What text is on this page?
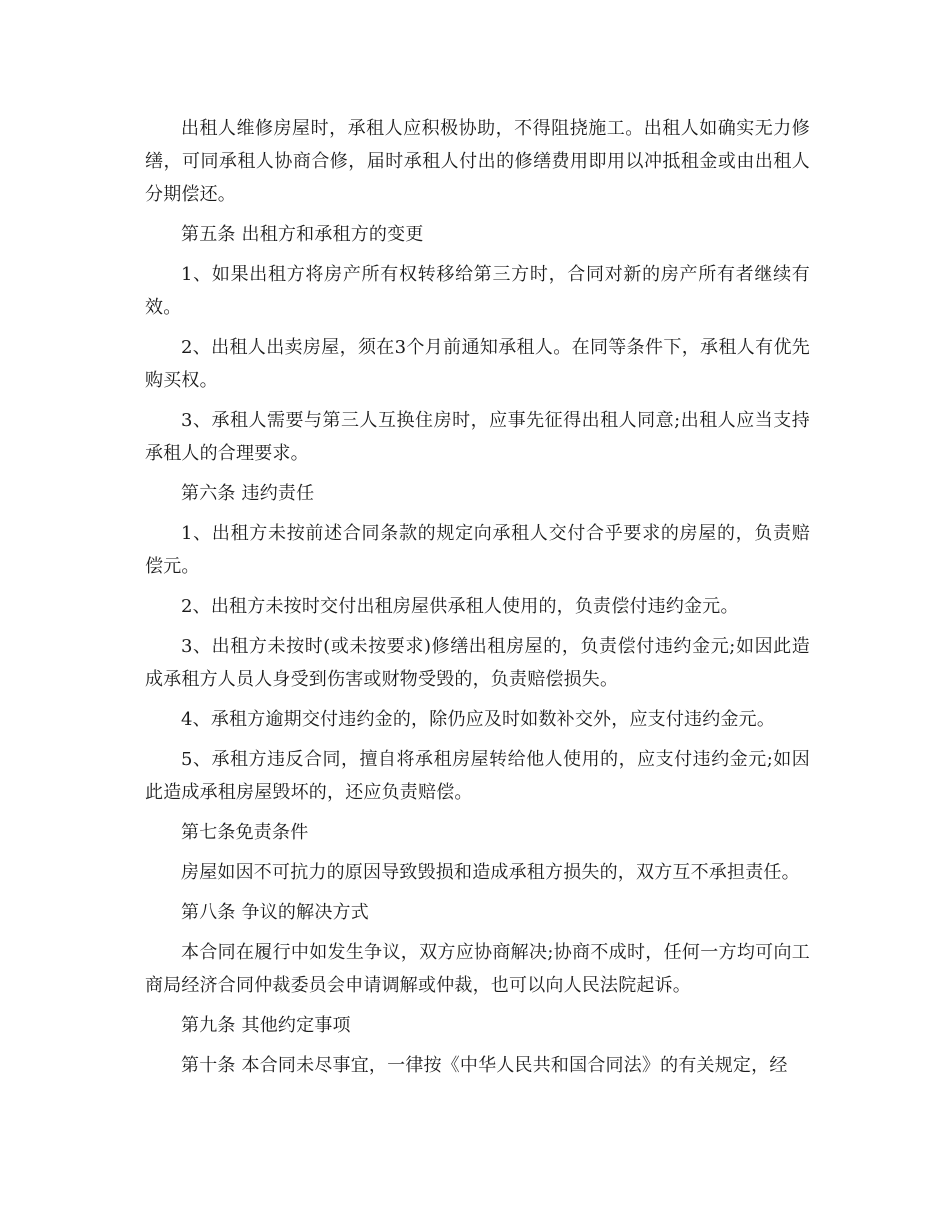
出租人维修房屋时，承租人应积极协助，不得阻挠施工。出租人如确实无力修缮，可同承租人协商合修，届时承租人付出的修缮费用即用以冲抵租金或由出租人分期偿还。

第五条 出租方和承租方的变更

1、如果出租方将房产所有权转移给第三方时，合同对新的房产所有者继续有效。

2、出租人出卖房屋，须在3个月前通知承租人。在同等条件下，承租人有优先购买权。

3、承租人需要与第三人互换住房时，应事先征得出租人同意;出租人应当支持承租人的合理要求。

第六条 违约责任

1、出租方未按前述合同条款的规定向承租人交付合乎要求的房屋的，负责赔偿元。

2、出租方未按时交付出租房屋供承租人使用的，负责偿付违约金元。

3、出租方未按时(或未按要求)修缮出租房屋的，负责偿付违约金元;如因此造成承租方人员人身受到伤害或财物受毁的，负责赔偿损失。

4、承租方逾期交付违约金的，除仍应及时如数补交外，应支付违约金元。

5、承租方违反合同，擅自将承租房屋转给他人使用的，应支付违约金元;如因此造成承租房屋毁坏的，还应负责赔偿。

第七条免责条件

房屋如因不可抗力的原因导致毁损和造成承租方损失的，双方互不承担责任。

第八条 争议的解决方式

本合同在履行中如发生争议，双方应协商解决;协商不成时，任何一方均可向工商局经济合同仲裁委员会申请调解或仲裁，也可以向人民法院起诉。

第九条 其他约定事项

第十条 本合同未尽事宜，一律按《中华人民共和国合同法》的有关规定，经
